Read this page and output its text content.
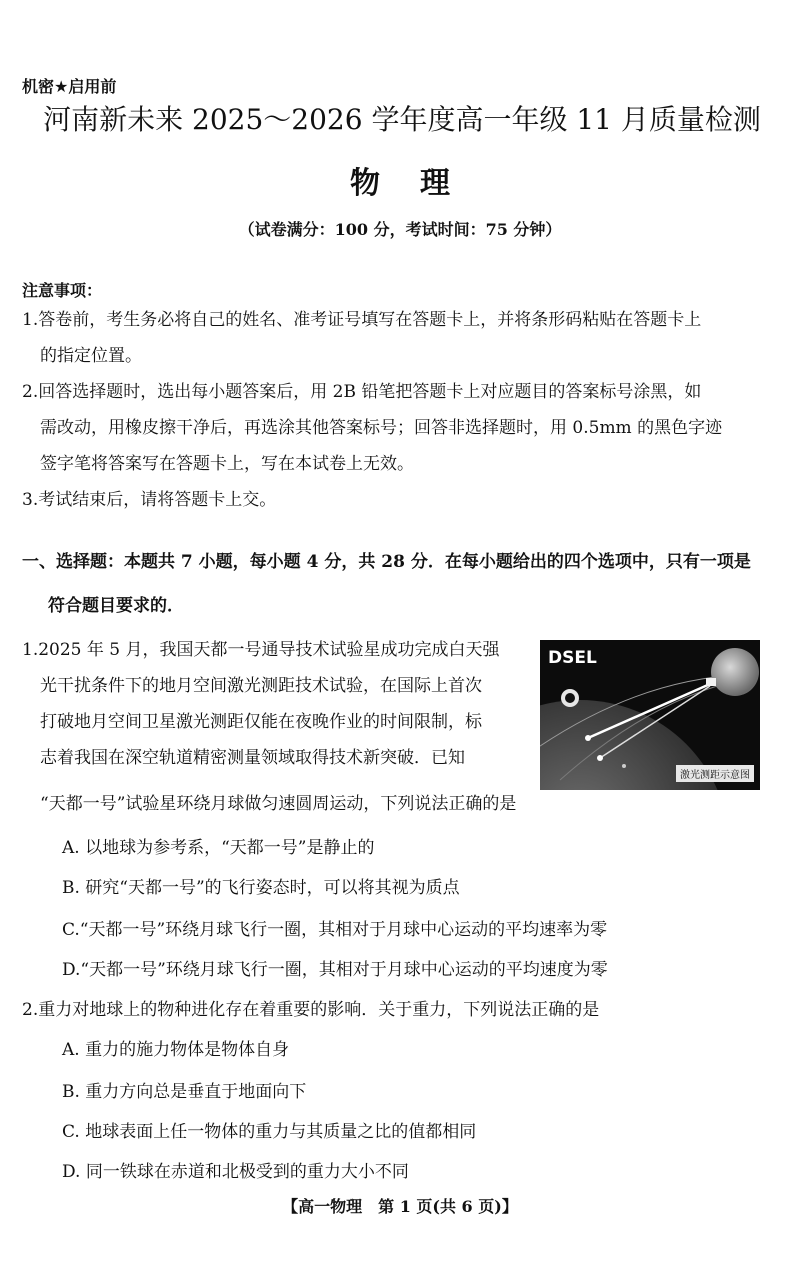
机密★启用前
河南新未来 2025～2026 学年度高一年级 11 月质量检测
物理
（试卷满分：100 分，考试时间：75 分钟）
注意事项：
1.答卷前，考生务必将自己的姓名、准考证号填写在答题卡上，并将条形码粘贴在答题卡上
的指定位置。
2.回答选择题时，选出每小题答案后，用 2B 铅笔把答题卡上对应题目的答案标号涂黑，如
需改动，用橡皮擦干净后，再选涂其他答案标号；回答非选择题时，用 0.5mm 的黑色字迹
签字笔将答案写在答题卡上，写在本试卷上无效。
3.考试结束后，请将答题卡上交。
一、选择题：本题共 7 小题，每小题 4 分，共 28 分．在每小题给出的四个选项中，只有一项是
符合题目要求的．
1.2025 年 5 月，我国天都一号通导技术试验星成功完成白天强
光干扰条件下的地月空间激光测距技术试验，在国际上首次
打破地月空间卫星激光测距仅能在夜晚作业的时间限制，标
志着我国在深空轨道精密测量领域取得技术新突破．已知
“天都一号”试验星环绕月球做匀速圆周运动，下列说法正确的是
DSEL
激光测距示意图
A. 以地球为参考系，“天都一号”是静止的
B. 研究“天都一号”的飞行姿态时，可以将其视为质点
C.“天都一号”环绕月球飞行一圈，其相对于月球中心运动的平均速率为零
D.“天都一号”环绕月球飞行一圈，其相对于月球中心运动的平均速度为零
2.重力对地球上的物种进化存在着重要的影响．关于重力，下列说法正确的是
A. 重力的施力物体是物体自身
B. 重力方向总是垂直于地面向下
C. 地球表面上任一物体的重力与其质量之比的值都相同
D. 同一铁球在赤道和北极受到的重力大小不同
【高一物理　第 1 页(共 6 页)】
